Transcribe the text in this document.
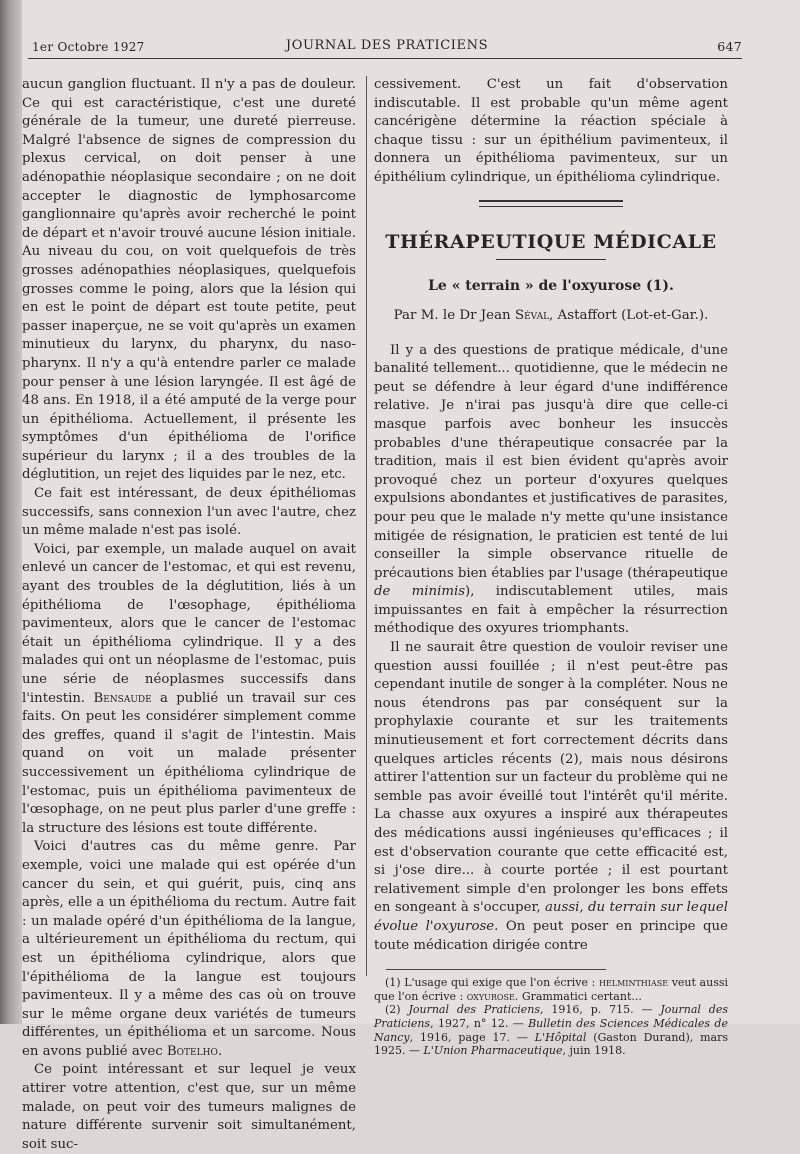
1er Octobre 1927	JOURNAL DES PRATICIENS	647

aucun ganglion fluctuant. Il n'y a pas de douleur. Ce qui est caractéristique, c'est une dureté générale de la tumeur, une dureté pierreuse. Malgré l'absence de signes de compression du plexus cervical, on doit penser à une adénopathie néoplasique secondaire ; on ne doit accepter le diagnostic de lymphosarcome ganglionnaire qu'après avoir recherché le point de départ et n'avoir trouvé aucune lésion initiale. Au niveau du cou, on voit quelquefois de très grosses adénopathies néoplasiques, quelquefois grosses comme le poing, alors que la lésion qui en est le point de départ est toute petite, peut passer inaperçue, ne se voit qu'après un examen minutieux du larynx, du pharynx, du naso-pharynx. Il n'y a qu'à entendre parler ce malade pour penser à une lésion laryngée. Il est âgé de 48 ans. En 1918, il a été amputé de la verge pour un épithélioma. Actuellement, il présente les symptômes d'un épithélioma de l'orifice supérieur du larynx ; il a des troubles de la déglutition, un rejet des liquides par le nez, etc.

Ce fait est intéressant, de deux épithéliomas successifs, sans connexion l'un avec l'autre, chez un même malade n'est pas isolé.

Voici, par exemple, un malade auquel on avait enlevé un cancer de l'estomac, et qui est revenu, ayant des troubles de la déglutition, liés à un épithélioma de l'œsophage, épithélioma pavimenteux, alors que le cancer de l'estomac était un épithélioma cylindrique. Il y a des malades qui ont un néoplasme de l'estomac, puis une série de néoplasmes successifs dans l'intestin. Bensaude a publié un travail sur ces faits. On peut les considérer simplement comme des greffes, quand il s'agit de l'intestin. Mais quand on voit un malade présenter successivement un épithélioma cylindrique de l'estomac, puis un épithélioma pavimenteux de l'œsophage, on ne peut plus parler d'une greffe : la structure des lésions est toute différente.

Voici d'autres cas du même genre. Par exemple, voici une malade qui est opérée d'un cancer du sein, et qui guérit, puis, cinq ans après, elle a un épithélioma du rectum. Autre fait : un malade opéré d'un épithélioma de la langue, a ultérieurement un épithélioma du rectum, qui est un épithélioma cylindrique, alors que l'épithélioma de la langue est toujours pavimenteux. Il y a même des cas où on trouve sur le même organe deux variétés de tumeurs différentes, un épithélioma et un sarcome. Nous en avons publié avec Botelho.

Ce point intéressant et sur lequel je veux attirer votre attention, c'est que, sur un même malade, on peut voir des tumeurs malignes de nature différente survenir soit simultanément, soit suc-

cessivement. C'est un fait d'observation indiscutable. Il est probable qu'un même agent cancérigène détermine la réaction spéciale à chaque tissu : sur un épithélium pavimenteux, il donnera un épithélioma pavimenteux, sur un épithélium cylindrique, un épithélioma cylindrique.

THÉRAPEUTIQUE MÉDICALE
Le « terrain » de l'oxyurose (1).
Par M. le Dr Jean Séval, Astaffort (Lot-et-Gar.).

Il y a des questions de pratique médicale, d'une banalité tellement... quotidienne, que le médecin ne peut se défendre à leur égard d'une indifférence relative. Je n'irai pas jusqu'à dire que celle-ci masque parfois avec bonheur les insuccès probables d'une thérapeutique consacrée par la tradition, mais il est bien évident qu'après avoir provoqué chez un porteur d'oxyures quelques expulsions abondantes et justificatives de parasites, pour peu que le malade n'y mette qu'une insistance mitigée de résignation, le praticien est tenté de lui conseiller la simple observance rituelle de précautions bien établies par l'usage (thérapeutique de minimis), indiscutablement utiles, mais impuissantes en fait à empêcher la résurrection méthodique des oxyures triomphants.

Il ne saurait être question de vouloir reviser une question aussi fouillée ; il n'est peut-être pas cependant inutile de songer à la compléter. Nous ne nous étendrons pas par conséquent sur la prophylaxie courante et sur les traitements minutieusement et fort correctement décrits dans quelques articles récents (2), mais nous désirons attirer l'attention sur un facteur du problème qui ne semble pas avoir éveillé tout l'intérêt qu'il mérite. La chasse aux oxyures a inspiré aux thérapeutes des médications aussi ingénieuses qu'efficaces ; il est d'observation courante que cette efficacité est, si j'ose dire... à courte portée ; il est pourtant relativement simple d'en prolonger les bons effets en songeant à s'occuper, aussi, du terrain sur lequel évolue l'oxyurose. On peut poser en principe que toute médication dirigée contre

(1) L'usage qui exige que l'on écrive : helminthiase veut aussi que l'on écrive : oxyurose. Grammatici certant...

(2) Journal des Praticiens, 1916, p. 715. — Journal des Praticiens, 1927, n° 12. — Bulletin des Sciences Médicales de Nancy, 1916, page 17. — L'Hôpital (Gaston Durand), mars 1925. — L'Union Pharmaceutique, juin 1918.
